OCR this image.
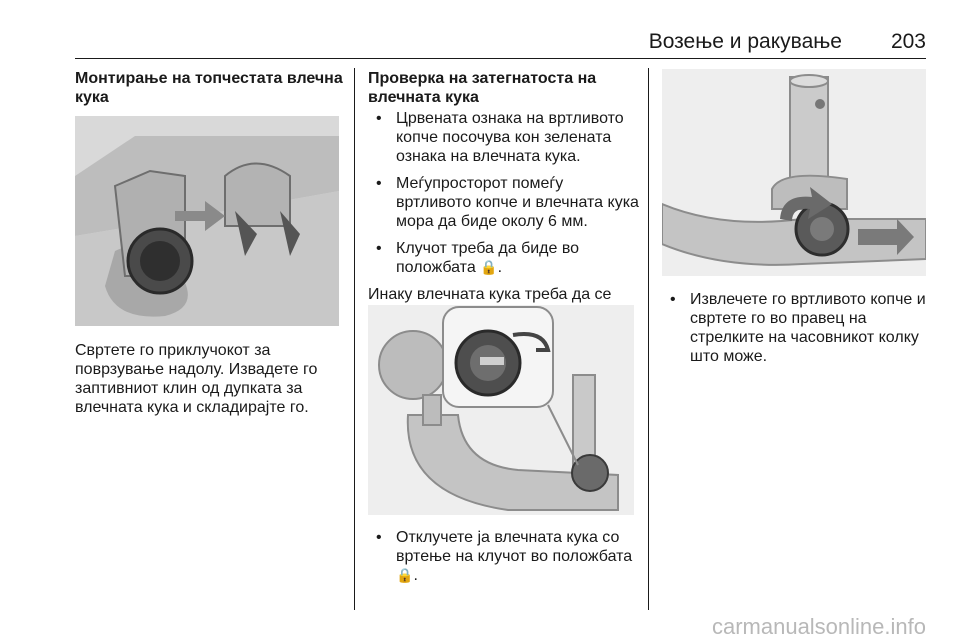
Возење и ракување 203

Монтирање на топчестата влечна кука

Свртете го приклучокот за поврзување надолу. Извадете го заптивниот клин од дупката за влечната кука и складирајте го.

Проверка на затегнатоста на влечната кука

• Црвената ознака на вртливото копче посочува кон зелената ознака на влечната кука.
• Меѓупросторот помеѓу вртливото копче и влечната кука мора да биде околу 6 мм.
• Клучот треба да биде во положбата 🔒.

Инаку влечната кука треба да се

• Отклучете ја влечната кука со вртење на клучот во положбата 🔒.
• Извлечете го вртливото копче и свртете го во правец на стрелките на часовникот колку што може.
carmanualsonline.info
